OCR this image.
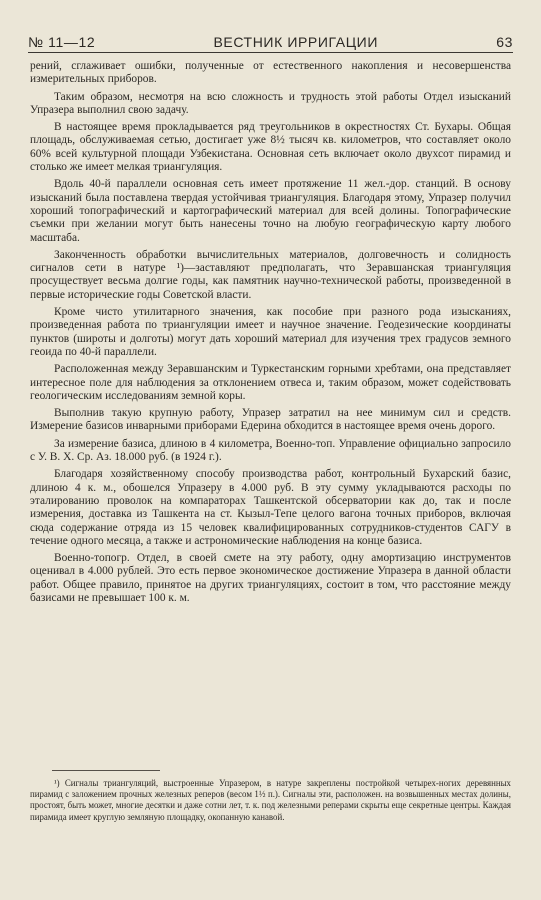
№ 11—12	ВЕСТНИК ИРРИГАЦИИ	63

рений, сглаживает ошибки, полученные от естественного накопления и несовершенства измерительных приборов.

Таким образом, несмотря на всю сложность и трудность этой работы Отдел изысканий Упразера выполнил свою задачу.

В настоящее время прокладывается ряд треугольников в окрестностях Ст. Бухары. Общая площадь, обслуживаемая сетью, достигает уже 8½ тысяч кв. километров, что составляет около 60% всей культурной площади Узбекистана. Основная сеть включает около двухсот пирамид и столько же имеет мелкая триангуляция.

Вдоль 40-й параллели основная сеть имеет протяжение 11 жел.-дор. станций. В основу изысканий была поставлена твердая устойчивая триангуляция. Благодаря этому, Упразер получил хороший топографический и картографический материал для всей долины. Топографические съемки при желании могут быть нанесены точно на любую географическую карту любого масштаба.

Законченность обработки вычислительных материалов, долговечность и солидность сигналов сети в натуре ¹)—заставляют предполагать, что Зеравшанская триангуляция просуществует весьма долгие годы, как памятник научно-технической работы, произведенной в первые исторические годы Советской власти.

Кроме чисто утилитарного значения, как пособие при разного рода изысканиях, произведенная работа по триангуляции имеет и научное значение. Геодезические координаты пунктов (широты и долготы) могут дать хороший материал для изучения трех градусов земного геоида по 40-й параллели.

Расположенная между Зеравшанским и Туркестанским горными хребтами, она представляет интересное поле для наблюдения за отклонением отвеса и, таким образом, может содействовать геологическим исследованиям земной коры.

Выполнив такую крупную работу, Упразер затратил на нее минимум сил и средств. Измерение базисов инварными приборами Едерина обходится в настоящее время очень дорого.

За измерение базиса, длиною в 4 километра, Военно-топ. Управление официально запросило с У. В. Х. Ср. Аз. 18.000 руб. (в 1924 г.).

Благодаря хозяйственному способу производства работ, контрольный Бухарский базис, длиною 4 к. м., обошелся Упразеру в 4.000 руб. В эту сумму укладываются расходы по эталированию проволок на компараторах Ташкентской обсерватории как до, так и после измерения, доставка из Ташкента на ст. Кызыл-Тепе целого вагона точных приборов, включая сюда содержание отряда из 15 человек квалифицированных сотрудников-студентов САГУ в течение одного месяца, а также и астрономические наблюдения на конце базиса.

Военно-топогр. Отдел, в своей смете на эту работу, одну амортизацию инструментов оценивал в 4.000 рублей. Это есть первое экономическое достижение Упразера в данной области работ. Общее правило, принятое на других триангуляциях, состоит в том, что расстояние между базисами не превышает 100 к. м.

¹) Сигналы триангуляций, выстроенные Упразером, в натуре закреплены постройкой четырех-ногих деревянных пирамид с заложением прочных железных реперов (весом 1½ п.). Сигналы эти, расположен. на возвышенных местах долины, простоят, быть может, многие десятки и даже сотни лет, т. к. под железными реперами скрыты еще секретные центры. Каждая пирамида имеет круглую земляную площадку, окопанную канавой.
